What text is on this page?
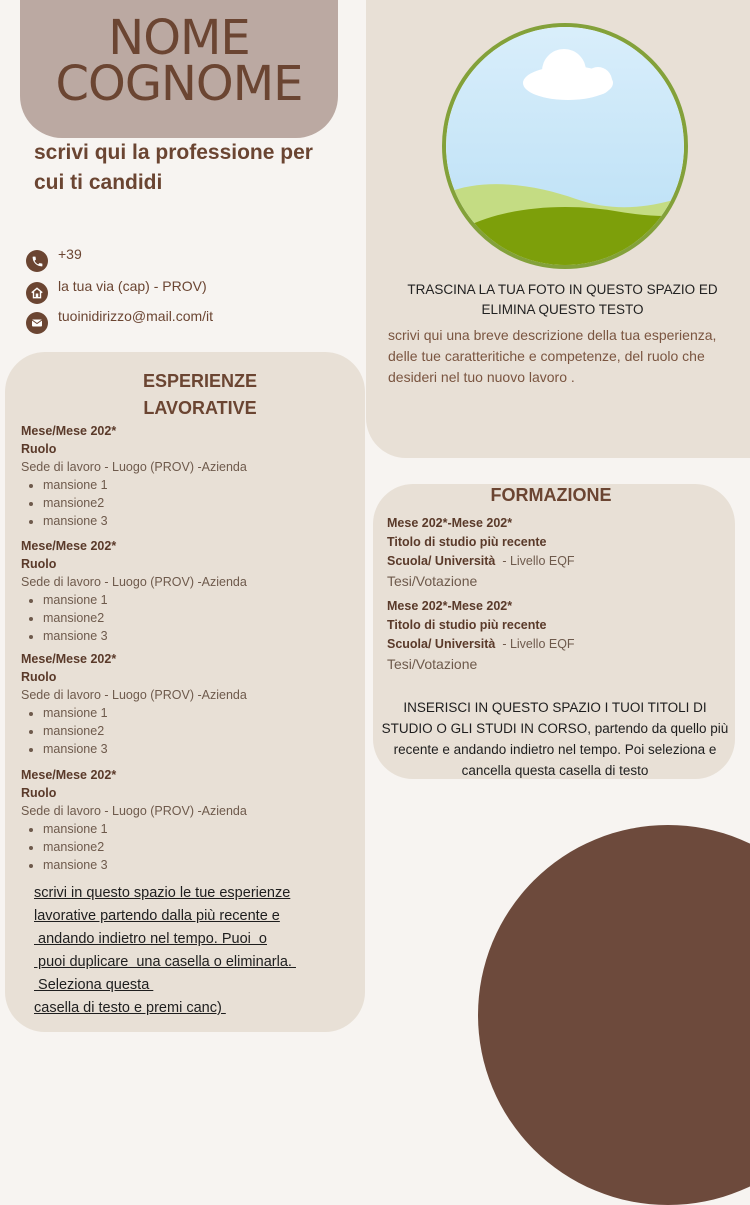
NOME
COGNOME
scrivi qui la professione per cui ti candidi
+39
la tua via (cap) - PROV)
tuoinidirizzo@mail.com/it
TRASCINA LA TUA FOTO IN QUESTO SPAZIO ED
ELIMINA QUESTO TESTO
scrivi qui una breve descrizione della tua esperienza, delle tue caratteritiche e competenze, del ruolo che desideri nel tuo nuovo lavoro .
ESPERIENZE
LAVORATIVE
Mese/Mese 202*
Ruolo
Sede di lavoro - Luogo (PROV) -Azienda
• mansione 1
• mansione2
• mansione 3
Mese/Mese 202*
Ruolo
Sede di lavoro - Luogo (PROV) -Azienda
• mansione 1
• mansione2
• mansione 3
Mese/Mese 202*
Ruolo
Sede di lavoro - Luogo (PROV) -Azienda
• mansione 1
• mansione2
• mansione 3
Mese/Mese 202*
Ruolo
Sede di lavoro - Luogo (PROV) -Azienda
• mansione 1
• mansione2
• mansione 3
scrivi in questo spazio le tue esperienze
lavorative partendo dalla più recente e
andando indietro nel tempo. Puoi  o
puoi duplicare  una casella o eliminarla.
Seleziona questa
casella di testo e premi canc)
FORMAZIONE
Mese 202*-Mese 202*
Titolo di studio più recente
Scuola/ Università  - Livello EQF
Tesi/Votazione
Mese 202*-Mese 202*
Titolo di studio più recente
Scuola/ Università  - Livello EQF
Tesi/Votazione
INSERISCI IN QUESTO SPAZIO I TUOI TITOLI DI STUDIO O GLI STUDI IN CORSO, partendo da quello più recente e andando indietro nel tempo. Poi seleziona e cancella questa casella di testo
